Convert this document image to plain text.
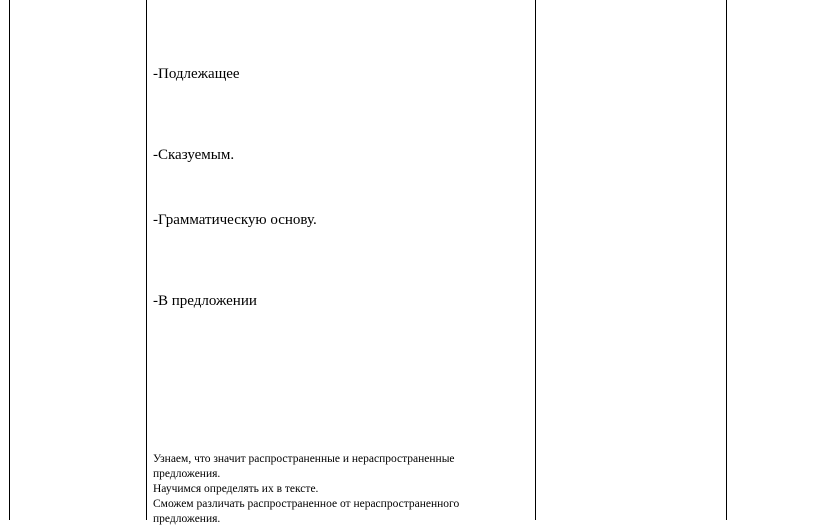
-Подлежащее
-Сказуемым.
-Грамматическую основу.
-В предложении
Узнаем, что значит распространенные и нераспространенные предложения.
Научимся определять их в тексте.
Сможем различать распространенное от нераспространенного предложения.
